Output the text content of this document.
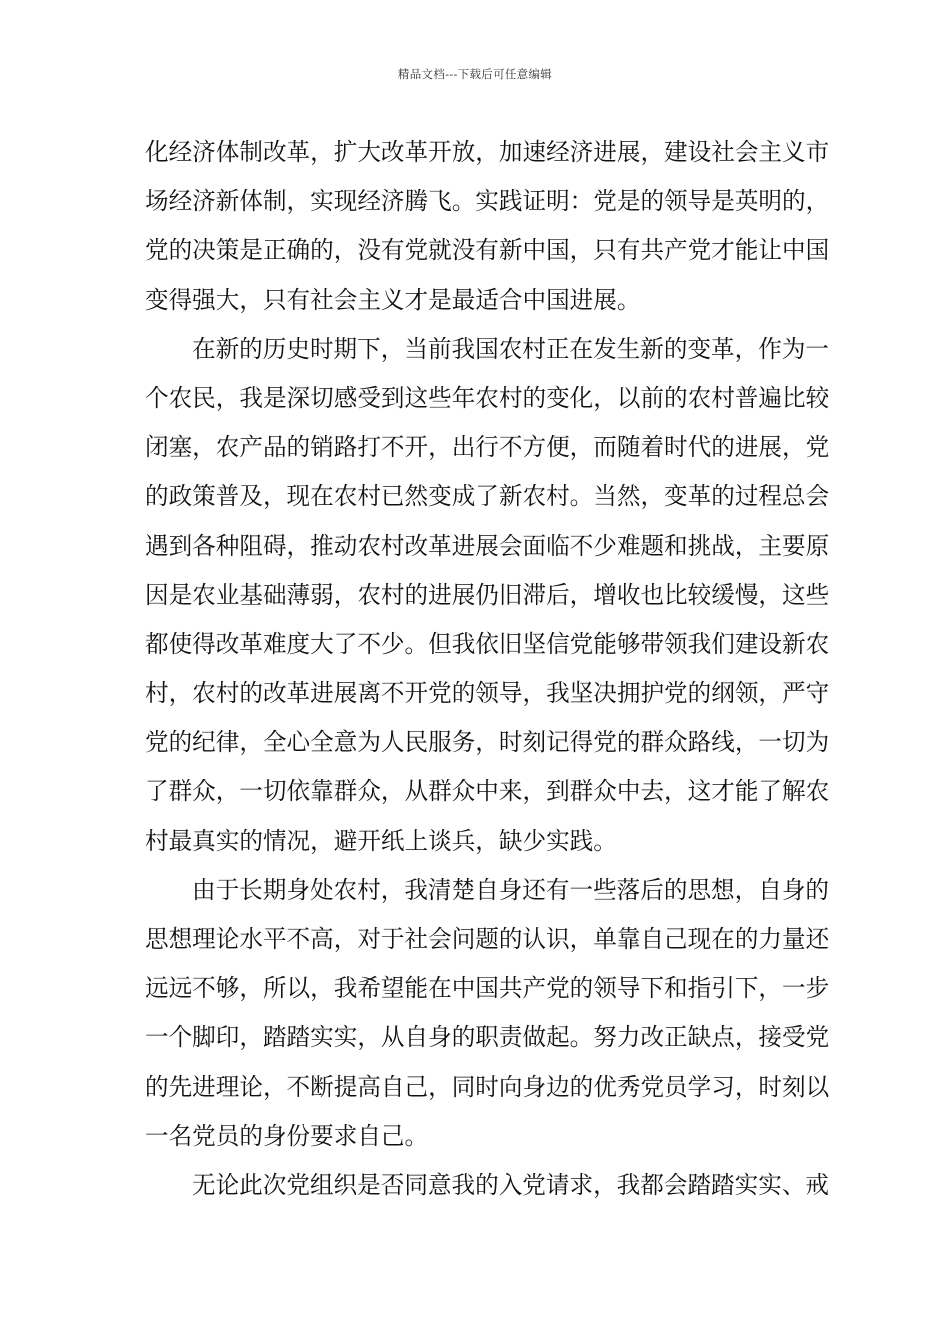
精品文档---下载后可任意编辑
化经济体制改革，扩大改革开放，加速经济进展，建设社会主义市
场经济新体制，实现经济腾飞。实践证明：党是的领导是英明的，
党的决策是正确的，没有党就没有新中国，只有共产党才能让中国
变得强大，只有社会主义才是最适合中国进展。
在新的历史时期下，当前我国农村正在发生新的变革，作为一
个农民，我是深切感受到这些年农村的变化，以前的农村普遍比较
闭塞，农产品的销路打不开，出行不方便，而随着时代的进展，党
的政策普及，现在农村已然变成了新农村。当然，变革的过程总会
遇到各种阻碍，推动农村改革进展会面临不少难题和挑战，主要原
因是农业基础薄弱，农村的进展仍旧滞后，增收也比较缓慢，这些
都使得改革难度大了不少。但我依旧坚信党能够带领我们建设新农
村，农村的改革进展离不开党的领导，我坚决拥护党的纲领，严守
党的纪律，全心全意为人民服务，时刻记得党的群众路线，一切为
了群众，一切依靠群众，从群众中来，到群众中去，这才能了解农
村最真实的情况，避开纸上谈兵，缺少实践。
由于长期身处农村，我清楚自身还有一些落后的思想，自身的
思想理论水平不高，对于社会问题的认识，单靠自己现在的力量还
远远不够，所以，我希望能在中国共产党的领导下和指引下，一步
一个脚印，踏踏实实，从自身的职责做起。努力改正缺点，接受党
的先进理论，不断提高自己，同时向身边的优秀党员学习，时刻以
一名党员的身份要求自己。
无论此次党组织是否同意我的入党请求，我都会踏踏实实、戒
